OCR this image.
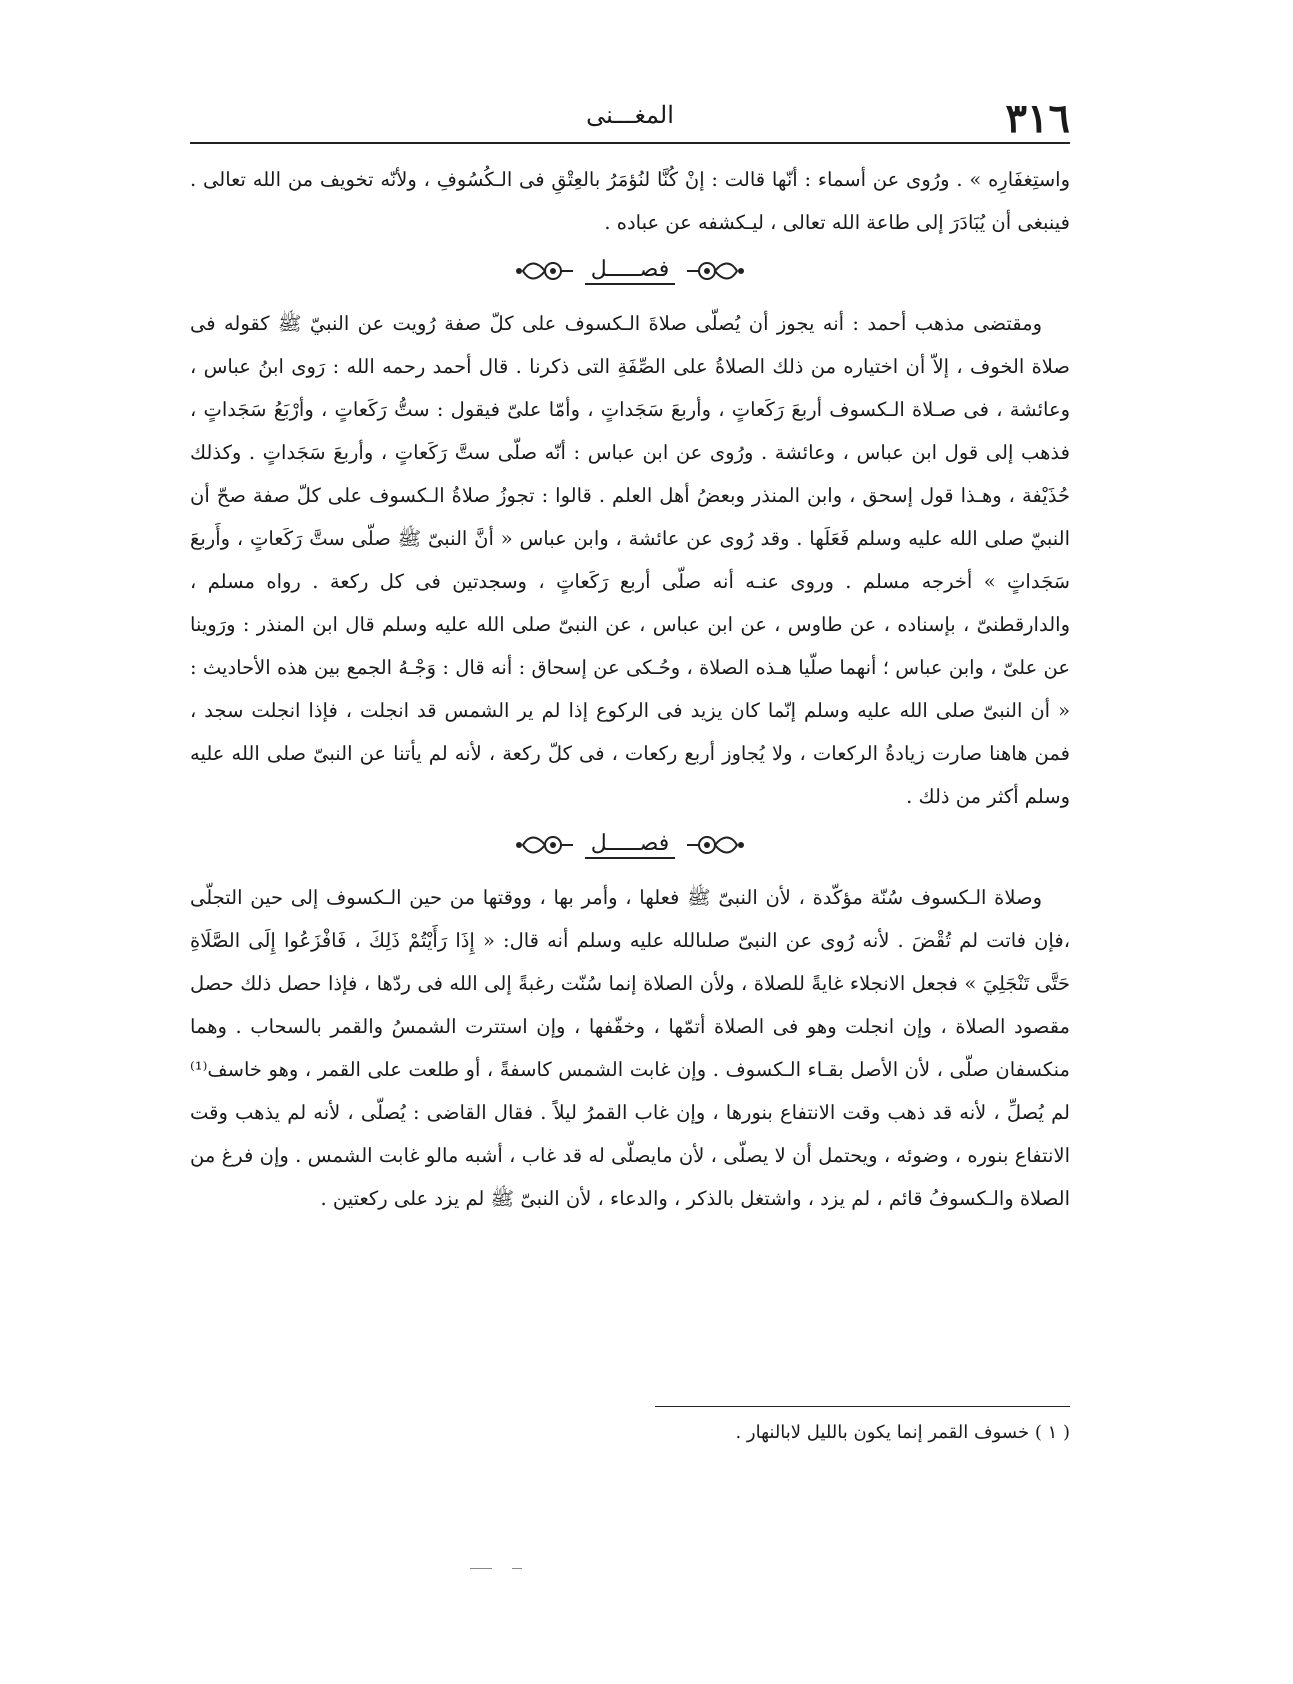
٣١٦
المغـــنى

واستِغفَارِه » . ورُوى عن أسماء : أنّها قالت : إنْ كُنَّا لنُؤمَرُ بالعِتْقِ فى الـكُسُوفِ ، ولأنّه تخويف من الله تعالى . فينبغى أن يُبَادَرَ إلى طاعة الله تعالى ، ليـكشفه عن عباده .

فصـــــل

ومقتضى مذهب أحمد : أنه يجوز أن يُصلّى صلاةَ الـكسوف على كلّ صفة رُويت عن النبيّ ﷺ كقوله فى صلاة الخوف ، إلاّ أن اختياره من ذلك الصلاةُ على الصِّفَةِ التى ذكرنا . قال أحمد رحمه الله : رَوى ابنُ عباس ، وعائشة ، فى صـلاة الـكسوف أربعَ رَكَعاتٍ ، وأربعَ سَجَداتٍ ، وأمّا علىّ فيقول : ستُّ رَكَعاتٍ ، وأرْبَعُ سَجَداتٍ ، فذهب إلى قول ابن عباس ، وعائشة . ورُوى عن ابن عباس : أنّه صلّى ستَّ رَكَعاتٍ ، وأربعَ سَجَداتٍ . وكذلك حُذَيْفة ، وهـذا قول إسحق ، وابن المنذر وبعضُ أهل العلم . قالوا : تجوزُ صلاةُ الـكسوف على كلّ صفة صحّ أن النبيّ صلى الله عليه وسلم فَعَلَها . وقد رُوى عن عائشة ، وابن عباس « أنَّ النبىّ ﷺ صلّى ستَّ رَكَعاتٍ ، وأَربعَ سَجَداتٍ » أخرجه مسلم . وروى عنـه أنه صلّى أربع رَكَعاتٍ ، وسجدتين فى كل ركعة . رواه مسلم ، والدارقطنىّ ، بإسناده ، عن طاوس ، عن ابن عباس ، عن النبىّ صلى الله عليه وسلم قال ابن المنذر : ورَوينا عن علىّ ، وابن عباس ؛ أنهما صلّيا هـذه الصلاة ، وحُـكى عن إسحاق : أنه قال : وَجْـهُ الجمع بين هذه الأحاديث : « أن النبىّ صلى الله عليه وسلم إنّما كان يزيد فى الركوع إذا لم ير الشمس قد انجلت ، فإذا انجلت سجد ، فمن هاهنا صارت زيادةُ الركعات ، ولا يُجاوز أربع ركعات ، فى كلّ ركعة ، لأنه لم يأتنا عن النبىّ صلى الله عليه وسلم أكثر من ذلك .

فصـــــل

وصلاة الـكسوف سُنّة مؤكّدة ، لأن النبىّ ﷺ فعلها ، وأمر بها ، ووقتها من حين الـكسوف إلى حين التجلّى ،فإن فاتت لم تُقْضَ . لأنه رُوى عن النبىّ صلىالله عليه وسلم أنه قال: « إِذَا رَأَيْتُمْ ذَلِكَ ، فَافْزَعُوا إِلَى الصَّلَاةِ حَتَّى تَنْجَلِيَ » فجعل الانجلاء غايةً للصلاة ، ولأن الصلاة إنما سُنّت رغبةً إلى الله فى ردّها ، فإذا حصل ذلك حصل مقصود الصلاة ، وإن انجلت وهو فى الصلاة أتمّها ، وخفّفها ، وإن استترت الشمسُ والقمر بالسحاب . وهما منكسفان صلّى ، لأن الأصل بقـاء الـكسوف . وإن غابت الشمس كاسفةً ، أو طلعت على القمر ، وهو خاسف⁽¹⁾ لم يُصلِّ ، لأنه قد ذهب وقت الانتفاع بنورها ، وإن غاب القمرُ ليلاً . فقال القاضى : يُصلّى ، لأنه لم يذهب وقت الانتفاع بنوره ، وضوئه ، ويحتمل أن لا يصلّى ، لأن مايصلّى له قد غاب ، أشبه مالو غابت الشمس . وإن فرغ من الصلاة والـكسوفُ قائم ، لم يزد ، واشتغل بالذكر ، والدعاء ، لأن النبىّ ﷺ لم يزد على ركعتين .

( ١ ) خسوف القمر إنما يكون بالليل لابالنهار .
